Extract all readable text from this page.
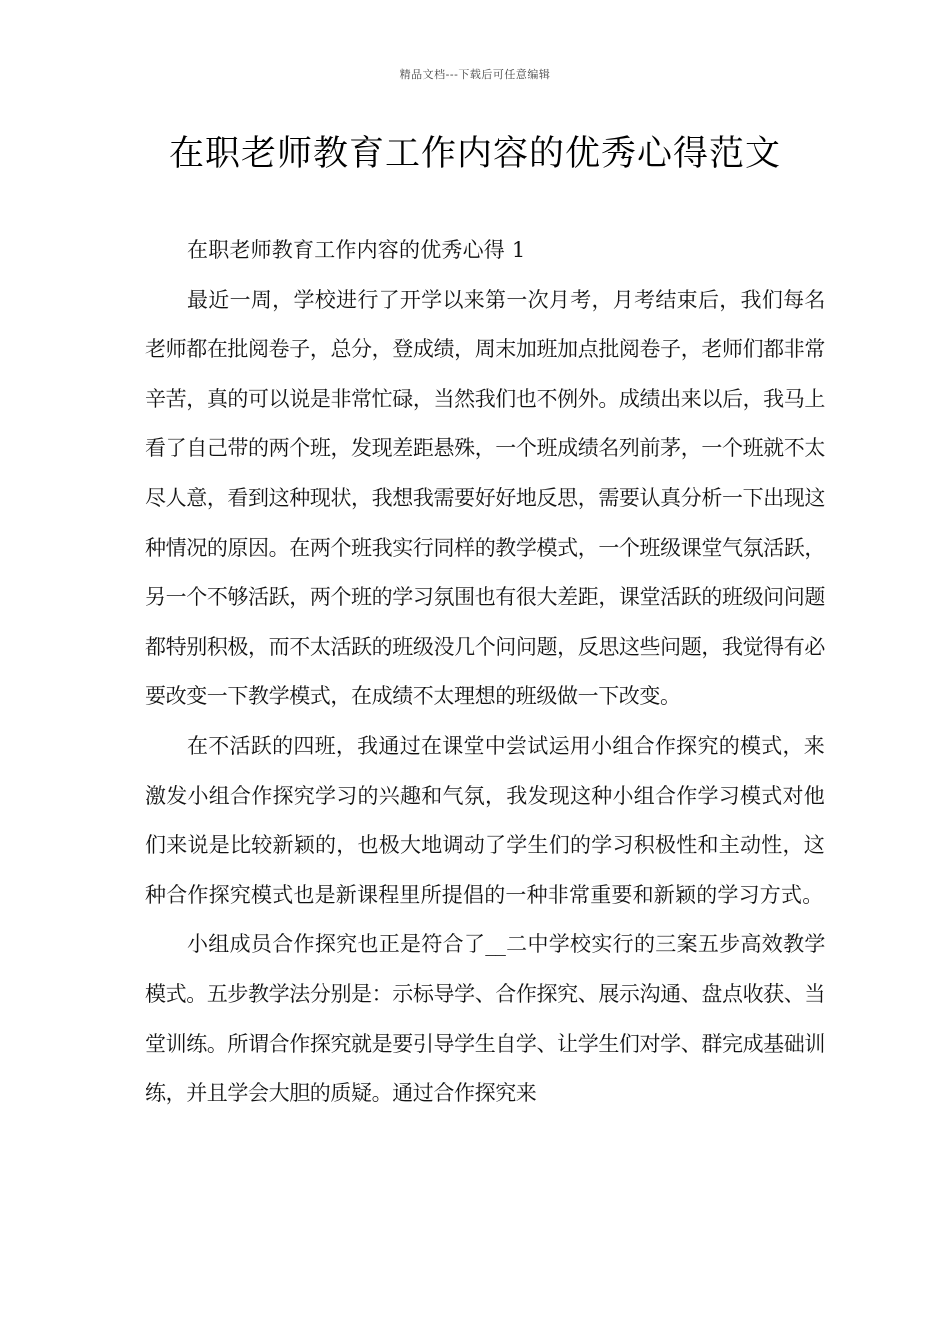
精品文档---下载后可任意编辑
在职老师教育工作内容的优秀心得范文

在职老师教育工作内容的优秀心得 1

最近一周，学校进行了开学以来第一次月考，月考结束后，我们每名老师都在批阅卷子，总分，登成绩，周末加班加点批阅卷子，老师们都非常辛苦，真的可以说是非常忙碌，当然我们也不例外。成绩出来以后，我马上看了自己带的两个班，发现差距悬殊，一个班成绩名列前茅，一个班就不太尽人意，看到这种现状，我想我需要好好地反思，需要认真分析一下出现这种情况的原因。在两个班我实行同样的教学模式，一个班级课堂气氛活跃，另一个不够活跃，两个班的学习氛围也有很大差距，课堂活跃的班级问问题都特别积极，而不太活跃的班级没几个问问题，反思这些问题，我觉得有必要改变一下教学模式，在成绩不太理想的班级做一下改变。

在不活跃的四班，我通过在课堂中尝试运用小组合作探究的模式，来激发小组合作探究学习的兴趣和气氛，我发现这种小组合作学习模式对他们来说是比较新颖的，也极大地调动了学生们的学习积极性和主动性，这种合作探究模式也是新课程里所提倡的一种非常重要和新颖的学习方式。

小组成员合作探究也正是符合了__二中学校实行的三案五步高效教学模式。五步教学法分别是：示标导学、合作探究、展示沟通、盘点收获、当堂训练。所谓合作探究就是要引导学生自学、让学生们对学、群完成基础训练，并且学会大胆的质疑。通过合作探究来
